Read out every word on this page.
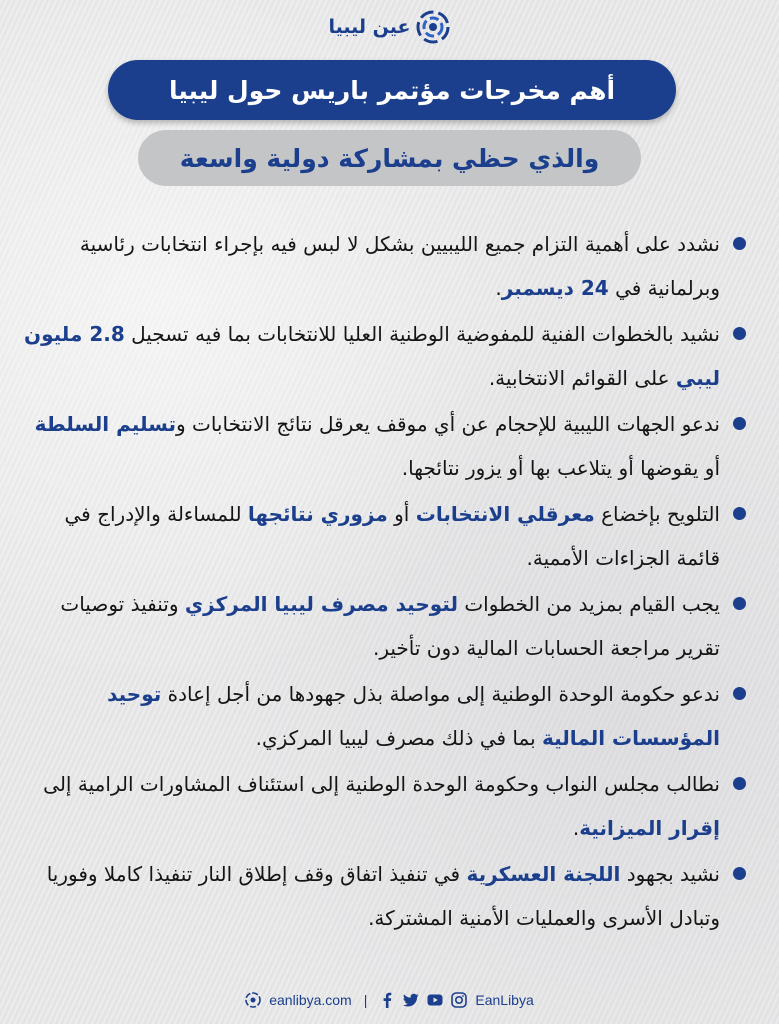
عين ليبيا
أهم مخرجات مؤتمر باريس حول ليبيا
والذي حظي بمشاركة دولية واسعة
نشدد على أهمية التزام جميع الليبيين بشكل لا لبس فيه بإجراء انتخابات رئاسية وبرلمانية في 24 ديسمبر.
نشيد بالخطوات الفنية للمفوضية الوطنية العليا للانتخابات بما فيه تسجيل 2.8 مليون ليبي على القوائم الانتخابية.
ندعو الجهات الليبية للإحجام عن أي موقف يعرقل نتائج الانتخابات وتسليم السلطة أو يقوضها أو يتلاعب بها أو يزور نتائجها.
التلويح بإخضاع معرقلي الانتخابات أو مزوري نتائجها للمساءلة والإدراج في قائمة الجزاءات الأممية.
يجب القيام بمزيد من الخطوات لتوحيد مصرف ليبيا المركزي وتنفيذ توصيات تقرير مراجعة الحسابات المالية دون تأخير.
ندعو حكومة الوحدة الوطنية إلى مواصلة بذل جهودها من أجل إعادة توحيد المؤسسات المالية بما في ذلك مصرف ليبيا المركزي.
نطالب مجلس النواب وحكومة الوحدة الوطنية إلى استئناف المشاورات الرامية إلى إقرار الميزانية.
نشيد بجهود اللجنة العسكرية في تنفيذ اتفاق وقف إطلاق النار تنفيذا كاملا وفوريا وتبادل الأسرى والعمليات الأمنية المشتركة.
eanlibya.com |	EanLibya
